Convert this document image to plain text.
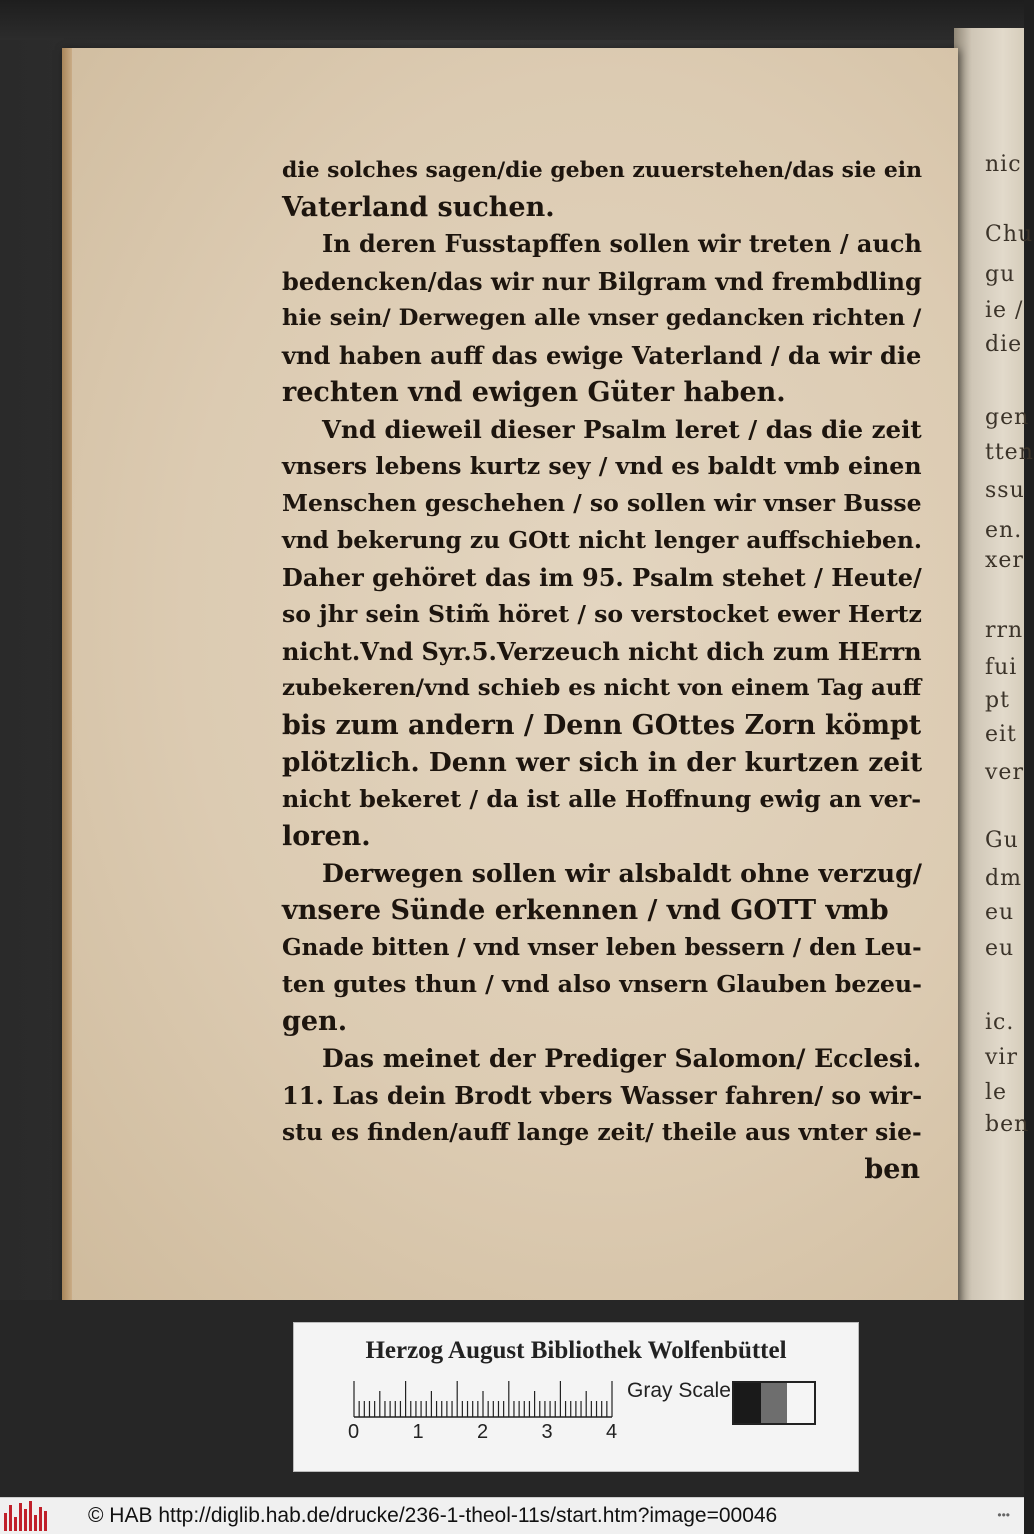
nic
Chu
gu
ie /
die
gen
tten
ssu
en.
xer
rrn
fui
pt
eit
ver
Gu
dm
eu
eu
ic.
vir
le
ben
die solches sagen/die geben zuuerstehen/das sie ein
Vaterland suchen.
In deren Fusstapffen sollen wir treten / auch
bedencken/das wir nur Bilgram vnd frembdling
hie sein/ Derwegen alle vnser gedancken richten /
vnd haben auff das ewige Vaterland / da wir die
rechten vnd ewigen Güter haben.
Vnd dieweil dieser Psalm leret / das die zeit
vnsers lebens kurtz sey / vnd es baldt vmb einen
Menschen geschehen / so sollen wir vnser Busse
vnd bekerung zu GOtt nicht lenger auffschieben.
Daher gehöret das im 95. Psalm stehet / Heute/
so jhr sein Stim̃ höret / so verstocket ewer Hertz
nicht.Vnd Syr.5.Verzeuch nicht dich zum HErrn
zubekeren/vnd schieb es nicht von einem Tag auff
bis zum andern / Denn GOttes Zorn kömpt
plötzlich. Denn wer sich in der kurtzen zeit
nicht bekeret / da ist alle Hoffnung ewig an ver-
loren.
Derwegen sollen wir alsbaldt ohne verzug/
vnsere Sünde erkennen / vnd GOTT vmb
Gnade bitten / vnd vnser leben bessern / den Leu-
ten gutes thun / vnd also vnsern Glauben bezeu-
gen.
Das meinet der Prediger Salomon/ Ecclesi.
11. Las dein Brodt vbers Wasser fahren/ so wir-
stu es finden/auff lange zeit/ theile aus vnter sie-
ben
Herzog August Bibliothek Wolfenbüttel
0	1	2	3	4
Gray Scale
© HAB http://diglib.hab.de/drucke/236-1-theol-11s/start.htm?image=00046	•••
